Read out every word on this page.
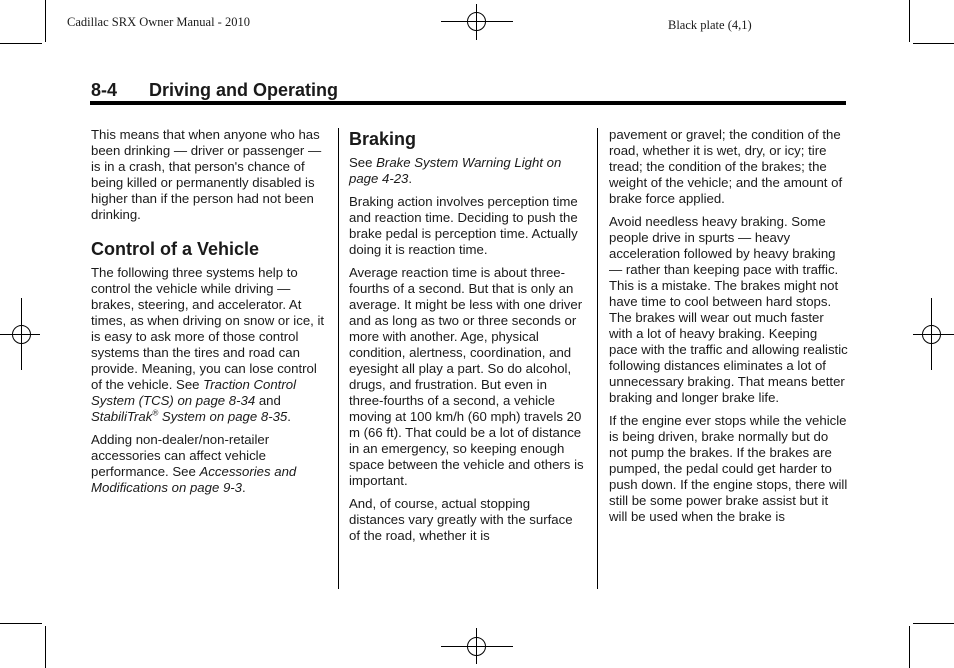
Cadillac SRX Owner Manual - 2010	Black plate (4,1)
8-4 Driving and Operating

This means that when anyone who has been drinking — driver or passenger — is in a crash, that person's chance of being killed or permanently disabled is higher than if the person had not been drinking.

Control of a Vehicle

The following three systems help to control the vehicle while driving — brakes, steering, and accelerator. At times, as when driving on snow or ice, it is easy to ask more of those control systems than the tires and road can provide. Meaning, you can lose control of the vehicle. See Traction Control System (TCS) on page 8-34 and StabiliTrak® System on page 8-35.

Adding non-dealer/non-retailer accessories can affect vehicle performance. See Accessories and Modifications on page 9-3.

Braking

See Brake System Warning Light on page 4-23.

Braking action involves perception time and reaction time. Deciding to push the brake pedal is perception time. Actually doing it is reaction time.

Average reaction time is about three-fourths of a second. But that is only an average. It might be less with one driver and as long as two or three seconds or more with another. Age, physical condition, alertness, coordination, and eyesight all play a part. So do alcohol, drugs, and frustration. But even in three-fourths of a second, a vehicle moving at 100 km/h (60 mph) travels 20 m (66 ft). That could be a lot of distance in an emergency, so keeping enough space between the vehicle and others is important.

And, of course, actual stopping distances vary greatly with the surface of the road, whether it is

pavement or gravel; the condition of the road, whether it is wet, dry, or icy; tire tread; the condition of the brakes; the weight of the vehicle; and the amount of brake force applied.

Avoid needless heavy braking. Some people drive in spurts — heavy acceleration followed by heavy braking — rather than keeping pace with traffic. This is a mistake. The brakes might not have time to cool between hard stops. The brakes will wear out much faster with a lot of heavy braking. Keeping pace with the traffic and allowing realistic following distances eliminates a lot of unnecessary braking. That means better braking and longer brake life.

If the engine ever stops while the vehicle is being driven, brake normally but do not pump the brakes. If the brakes are pumped, the pedal could get harder to push down. If the engine stops, there will still be some power brake assist but it will be used when the brake is
